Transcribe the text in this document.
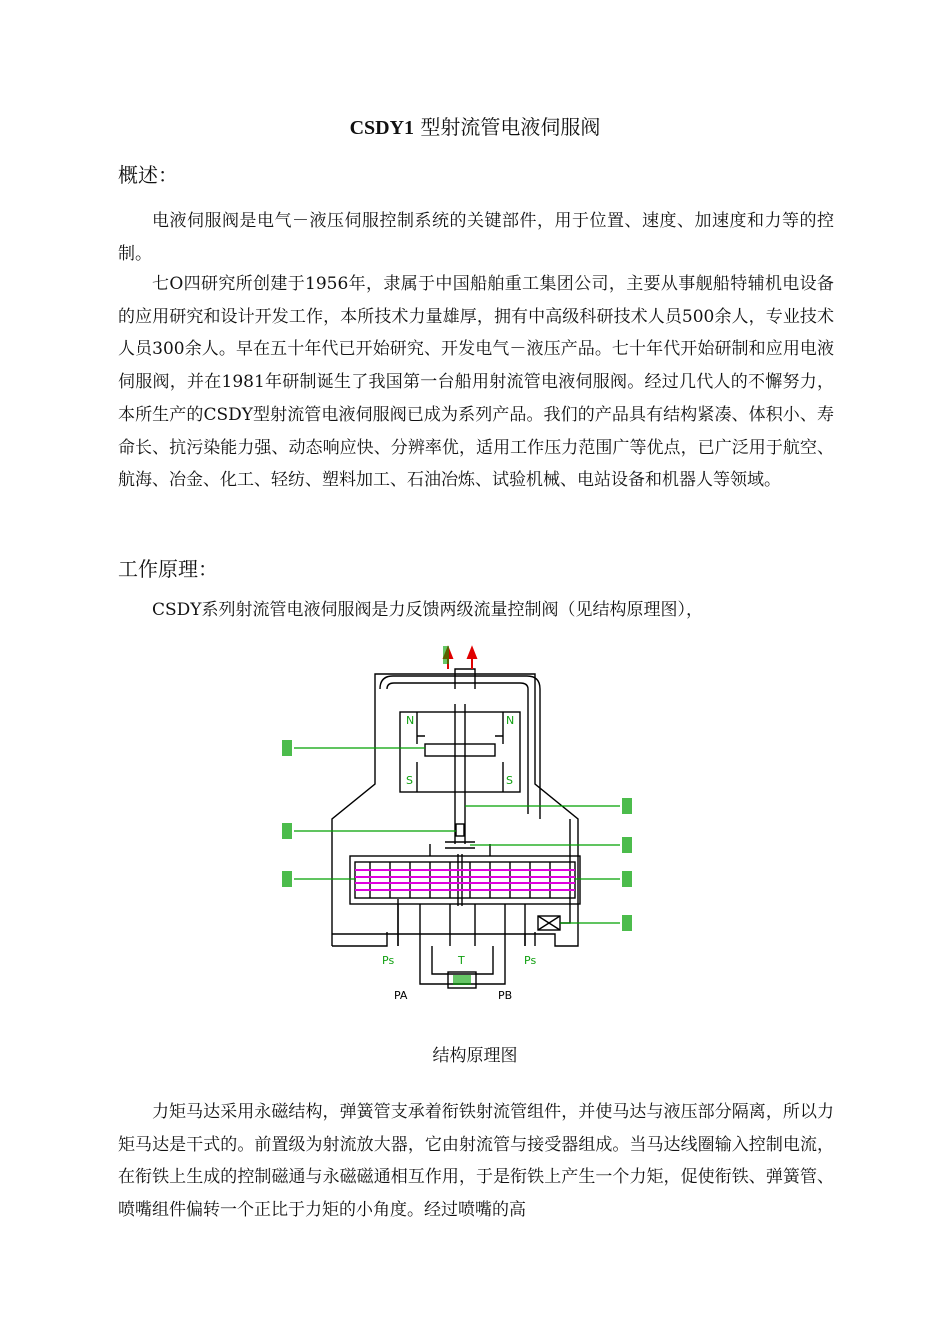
CSDY1 型射流管电液伺服阀
概述：

电液伺服阀是电气－液压伺服控制系统的关键部件，用于位置、速度、加速度和力等的控制。

七O四研究所创建于1956年，隶属于中国船舶重工集团公司，主要从事舰船特辅机电设备的应用研究和设计开发工作，本所技术力量雄厚，拥有中高级科研技术人员500余人，专业技术人员300余人。早在五十年代已开始研究、开发电气－液压产品。七十年代开始研制和应用电液伺服阀，并在1981年研制诞生了我国第一台船用射流管电液伺服阀。经过几代人的不懈努力，本所生产的CSDY型射流管电液伺服阀已成为系列产品。我们的产品具有结构紧凑、体积小、寿命长、抗污染能力强、动态响应快、分辨率优，适用工作压力范围广等优点，已广泛用于航空、航海、冶金、化工、轻纺、塑料加工、石油冶炼、试验机械、电站设备和机器人等领域。

工作原理：

CSDY系列射流管电液伺服阀是力反馈两级流量控制阀（见结构原理图），

N	N
S	S
Ps	T	Ps
PA	PB
结构原理图

力矩马达采用永磁结构，弹簧管支承着衔铁射流管组件，并使马达与液压部分隔离，所以力矩马达是干式的。前置级为射流放大器，它由射流管与接受器组成。当马达线圈输入控制电流，在衔铁上生成的控制磁通与永磁磁通相互作用，于是衔铁上产生一个力矩，促使衔铁、弹簧管、喷嘴组件偏转一个正比于力矩的小角度。经过喷嘴的高
